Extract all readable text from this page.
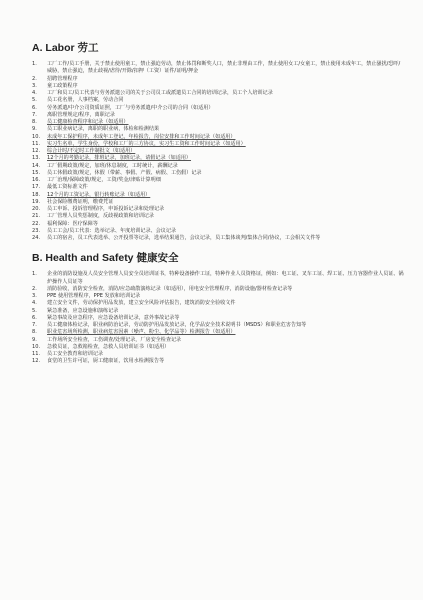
A. Labor 劳工
1.	工厂工作/员工手册，关于禁止使用童工，禁止强迫劳动，禁止体罚和断奖人口，禁止非理由工作，禁止使用女工/女童工，禁止使用未成年工，禁止骚扰/恐吓/威胁，禁止强迫，禁止歧视/虐待/开除/扣押（工资）证件/证明/押金
2.	招聘管理程序
3.	童工政策程序
4.	工厂和员工/员工代表与劳务派遣公司的关于公司员工或派遣员工合同的培训记录，员工个人培训记录
5.	员工花名册，人事档案，劳动合同
6.	劳务派遣/中介公司资质证照，工厂与劳务派遣/中介公司的合同（如适用）
7.	离职管理规定/程序，离职记录
8.	员工健康检查程序和记录（如适用）
9.	员工职业病记录，离职的职业病，体检和检测结果
10.	未成年工保护程序，未成年工登记，年检报告，岗位安排和工作时间记录（如适用）
11.	实习生名单，学生身份，学校和工厂的三方协议，实习生工资和工作时间记录（如适用）
12.	综合计时/不定时工作制批文（如适用）
13.	12个月的考勤记录，排班记录，加班记录，请假记录（如适用）
14.	工厂假期政策/规定，加班/休息制度，工时统计，薪酬记录
15.	员工休假政策/规定，休假（带薪、事假、产假、病假、工伤假）记录
16.	工厂治理/保障政策/规定，工资/奖金/津贴计算明细
17.	最低工资标准文件
18.	12个月的工资记录，银行转账记录（如适用）
19.	社会保险缴费证明，缴费凭证
20.	员工申诉、投诉管理程序，申诉投诉记录和处理记录
21.	工厂管理人员奖惩制度，反歧视政策和培训记录
22.	福利保障：医疗保障等
23.	员工工会/员工代表：选举记录、年度培训记录、会议记录
24.	员工的宿舍，员工代表选举、公开投票等记录，选举结果通告，会议记录，员工集体谈判/集体合同/协议，工会相关文件等
B. Health and Safety 健康安全
1.	企业的消防设施及人员安全管理人员安全员培训证书，特种设备操作工证，特种作业人员资格证，例如：电工证、叉车工证、焊工证、压力容器作业人员证、锅炉操作人员证等
2.	消防验收，消防安全检查，消防/应急疏散演练记录（如适用），用电安全管理程序，消防设施/器材检查记录等
3.	PPE 使用管理程序，PPE 发放和培训记录
4.	建立安全文件，劳动保护用品发放，建立安全风险评估报告，建筑消防安全验收文件
5.	紧急准备，应急设施和演练记录
6.	紧急事故及应急程序，应急设备培训记录，意外事故记录等
7.	员工健康体检记录，职业病防治记录，劳动防护用品发放记录，化学品安全技术说明书（MSDS）和职业危害告知等
8.	职业危害场所检测，职业病危害因素（噪声、粉尘、化学品等）检测报告（如适用）
9.	工作场所安全检查，工伤调查/处理记录，厂房安全检查记录
10.	急救员证，急救箱检查，急救人员培训证书（如适用）
11.	员工安全教育和培训记录
12.	食堂的卫生许可证，厨工健康证，饮用水检测报告等
